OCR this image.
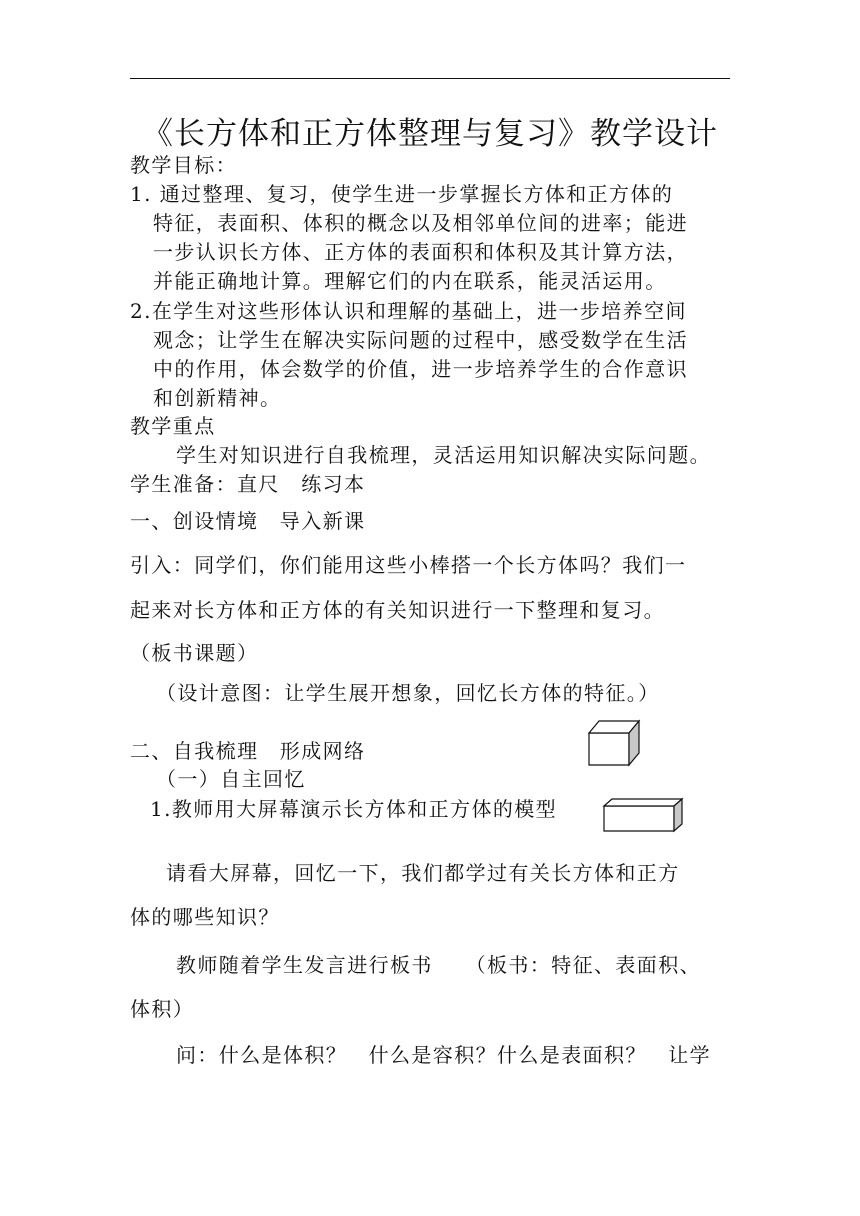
《长方体和正方体整理与复习》教学设计
教学目标：
1. 通过整理、复习，使学生进一步掌握长方体和正方体的
特征，表面积、体积的概念以及相邻单位间的进率；能进
一步认识长方体、正方体的表面积和体积及其计算方法，
并能正确地计算。理解它们的内在联系，能灵活运用。
2.在学生对这些形体认识和理解的基础上，进一步培养空间
观念；让学生在解决实际问题的过程中，感受数学在生活
中的作用，体会数学的价值，进一步培养学生的合作意识
和创新精神。
教学重点
学生对知识进行自我梳理，灵活运用知识解决实际问题。
学生准备：直尺　练习本
一、创设情境　导入新课
引入：同学们，你们能用这些小棒搭一个长方体吗？我们一
起来对长方体和正方体的有关知识进行一下整理和复习。
（板书课题）
（设计意图：让学生展开想象，回忆长方体的特征。）
二、自我梳理　形成网络
（一）自主回忆
1.教师用大屏幕演示长方体和正方体的模型
请看大屏幕，回忆一下，我们都学过有关长方体和正方
体的哪些知识？
教师随着学生发言进行板书　　（板书：特征、表面积、
体积）
问：什么是体积？　什么是容积？什么是表面积？　让学
